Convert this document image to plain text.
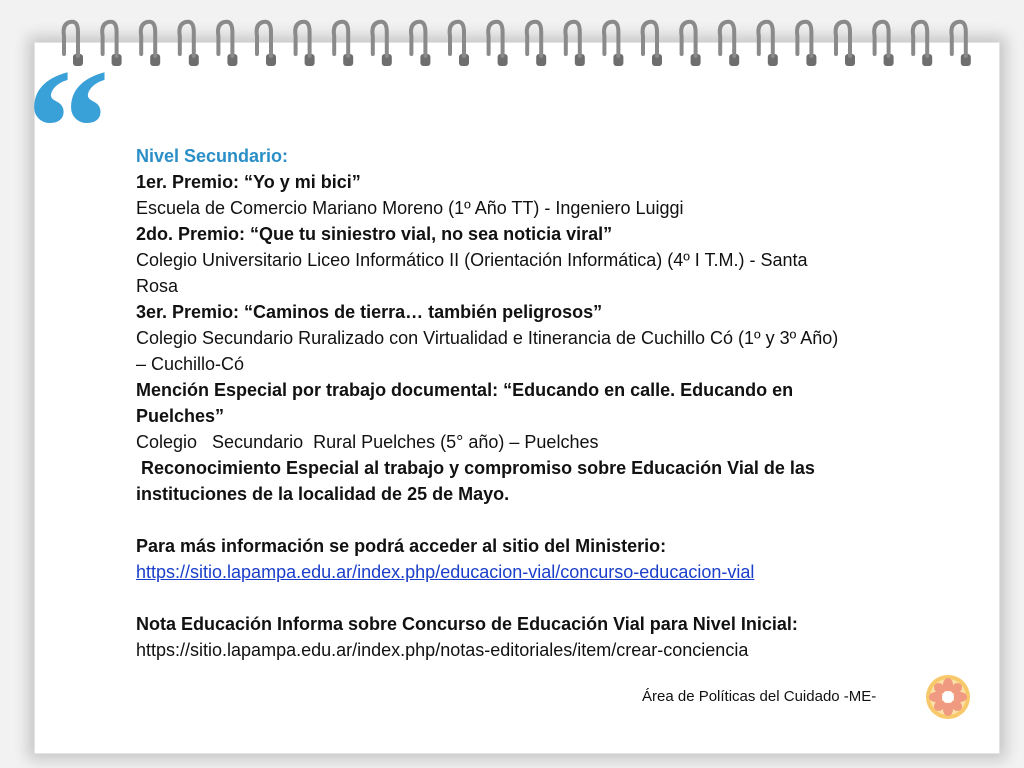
“ Nivel Secundario:

1er. Premio: “Yo y mi bici”

Escuela de Comercio Mariano Moreno (1º Año TT) - Ingeniero Luiggi

2do. Premio: “Que tu siniestro vial, no sea noticia viral”

Colegio Universitario Liceo Informático II (Orientación Informática) (4º I T.M.) - Santa

Rosa

3er. Premio: “Caminos de tierra… también peligrosos”

Colegio Secundario Ruralizado con Virtualidad e Itinerancia de Cuchillo Có (1º y 3º Año)

– Cuchillo-Có

Mención Especial por trabajo documental: “Educando en calle. Educando en

Puelches”

Colegio   Secundario  Rural Puelches (5° año) – Puelches

Reconocimiento Especial al trabajo y compromiso sobre Educación Vial de las

instituciones de la localidad de 25 de Mayo.

Para más información se podrá acceder al sitio del Ministerio:

https://sitio.lapampa.edu.ar/index.php/educacion-vial/concurso-educacion-vial

Nota Educación Informa sobre Concurso de Educación Vial para Nivel Inicial:

https://sitio.lapampa.edu.ar/index.php/notas-editoriales/item/crear-conciencia

Área de Políticas del Cuidado -ME-
